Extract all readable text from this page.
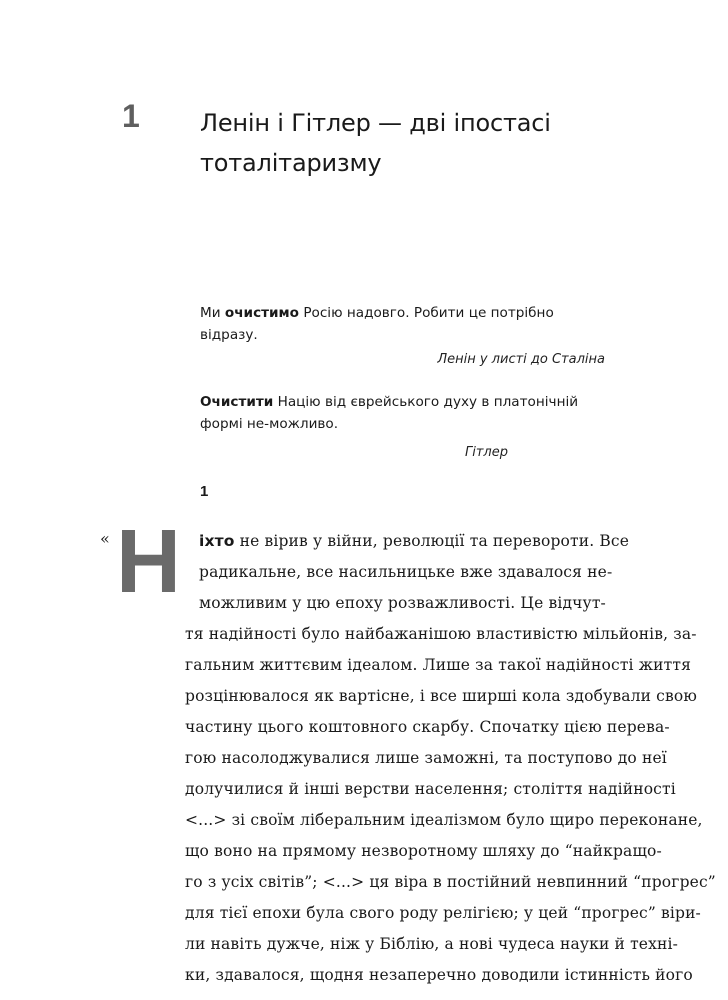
1	Ленін і Гітлер — дві іпостасі тоталітаризму

Ми очистимо Росію надовго. Робити це потрібно відразу.

Ленін у листі до Сталіна

Очистити Націю від єврейського духу в платонічній формі не-можливо.

Гітлер

1
« Н	іхто не вірив у війни, революції та перевороти. Все
радикальне, все насильницьке вже здавалося не-
можливим у цю епоху розважливості. Це відчут-
тя надійності було найбажанішою властивістю мільйонів, за-
гальним життєвим ідеалом. Лише за такої надійності життя
розцінювалося як вартісне, і все ширші кола здобували свою
частину цього коштовного скарбу. Спочатку цією перева-
гою насолоджувалися лише заможні, та поступово до неї
долучилися й інші верстви населення; століття надійності
<...> зі своїм ліберальним ідеалізмом було щиро переконане,
що воно на прямому незворотному шляху до “найкращо-
го з усіх світів”; <...> ця віра в постійний невпинний “прогрес”
для тієї епохи була свого роду релігією; у цей “прогрес” віри-
ли навіть дужче, ніж у Біблію, а нові чудеса науки й техні-
ки, здавалося, щодня незаперечно доводили істинність його
